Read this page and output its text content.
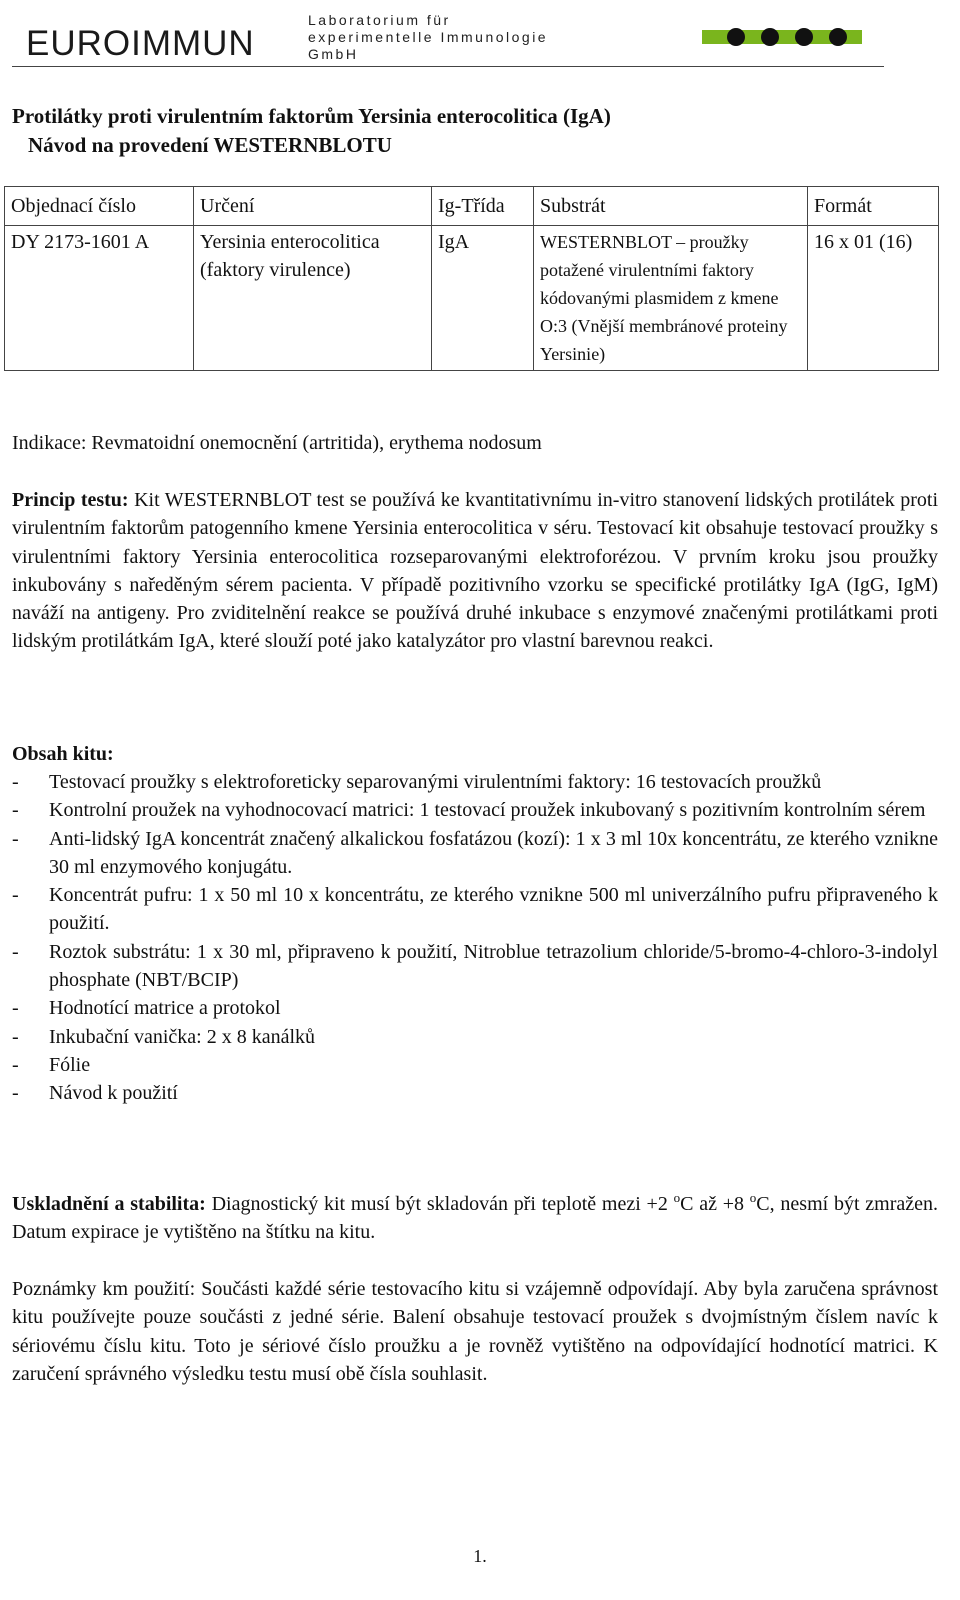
EUROIMMUN
Laboratorium für
experimentelle Immunologie
GmbH
Protilátky proti virulentním faktorům Yersinia enterocolitica (IgA)
Návod na provedení WESTERNBLOTU
Objednací číslo	Určení	Ig-Třída	Substrát	Formát
DY 2173-1601 A	Yersinia enterocolitica (faktory virulence)	IgA	WESTERNBLOT – proužky potažené virulentními faktory kódovanými plasmidem z kmene O:3 (Vnější membránové proteiny Yersinie)	16 x 01 (16)
Indikace: Revmatoidní onemocnění (artritida), erythema nodosum
Princip testu: Kit WESTERNBLOT test se používá ke kvantitativnímu in-vitro stanovení lidských protilátek proti virulentním faktorům patogenního kmene Yersinia enterocolitica v séru. Testovací kit obsahuje testovací proužky s virulentními faktory Yersinia enterocolitica rozseparovanými elektroforézou. V prvním kroku jsou proužky inkubovány s naředěným sérem pacienta. V případě pozitivního vzorku se specifické protilátky IgA (IgG, IgM) naváží na antigeny. Pro zviditelnění reakce se používá druhé inkubace s enzymové značenými protilátkami proti lidským protilátkám IgA, které slouží poté jako katalyzátor pro vlastní barevnou reakci.
Obsah kitu:
- Testovací proužky s elektroforeticky separovanými virulentními faktory: 16 testovacích proužků
- Kontrolní proužek na vyhodnocovací matrici: 1 testovací proužek inkubovaný s pozitivním kontrolním sérem
- Anti-lidský IgA koncentrát značený alkalickou fosfatázou (kozí): 1 x 3 ml 10x koncentrátu, ze kterého vznikne 30 ml enzymového konjugátu.
- Koncentrát pufru: 1 x 50 ml 10 x koncentrátu, ze kterého vznikne 500 ml univerzálního pufru připraveného k použití.
- Roztok substrátu: 1 x 30 ml, připraveno k použití, Nitroblue tetrazolium chloride/5-bromo-4-chloro-3-indolyl phosphate (NBT/BCIP)
- Hodnotící matrice a protokol
- Inkubační vanička: 2 x 8 kanálků
- Fólie
- Návod k použití
Uskladnění a stabilita: Diagnostický kit musí být skladován při teplotě mezi +2 $^o$C až +8 $^o$C, nesmí být zmražen. Datum expirace je vytištěno na štítku na kitu.
Poznámky km použití: Součásti každé série testovacího kitu si vzájemně odpovídají. Aby byla zaručena správnost kitu používejte pouze součásti z jedné série. Balení obsahuje testovací proužek s dvojmístným číslem navíc k sériovému číslu kitu. Toto je sériové číslo proužku a je rovněž vytištěno na odpovídající hodnotící matrici. K zaručení správného výsledku testu musí obě čísla souhlasit.
1.
